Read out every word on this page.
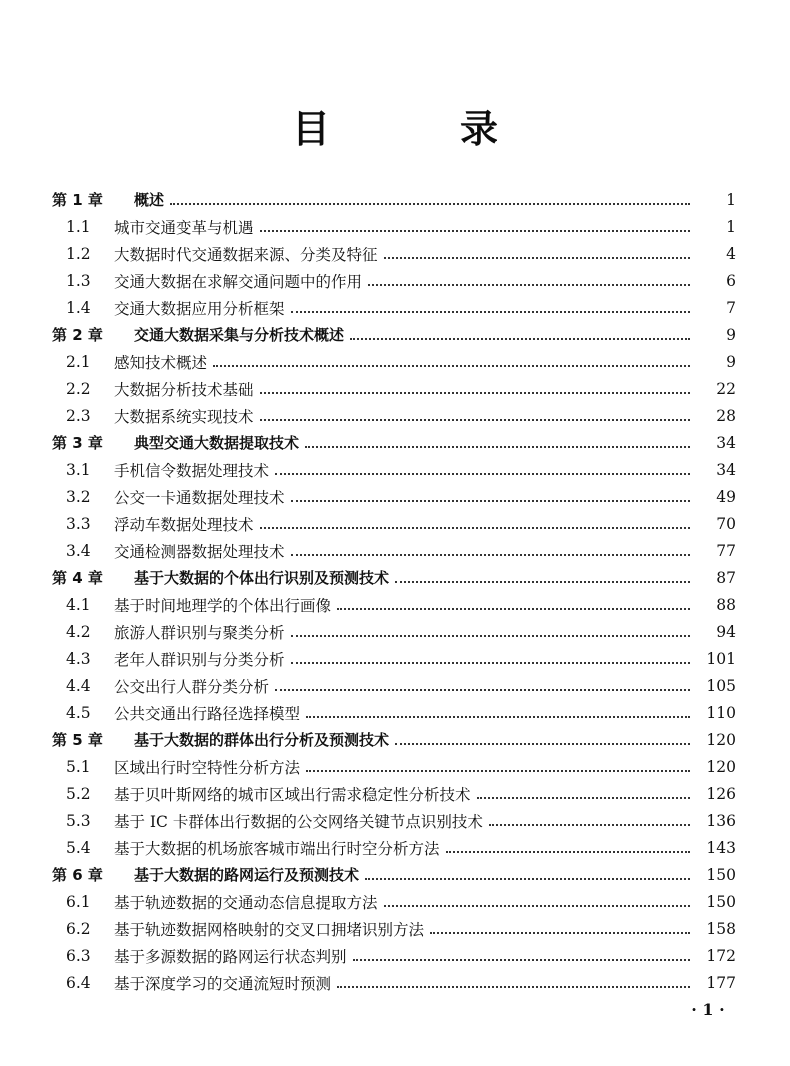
目　录
第 1 章	概述	1
1.1	城市交通变革与机遇	1
1.2	大数据时代交通数据来源、分类及特征	4
1.3	交通大数据在求解交通问题中的作用	6
1.4	交通大数据应用分析框架	7
第 2 章	交通大数据采集与分析技术概述	9
2.1	感知技术概述	9
2.2	大数据分析技术基础	22
2.3	大数据系统实现技术	28
第 3 章	典型交通大数据提取技术	34
3.1	手机信令数据处理技术	34
3.2	公交一卡通数据处理技术	49
3.3	浮动车数据处理技术	70
3.4	交通检测器数据处理技术	77
第 4 章	基于大数据的个体出行识别及预测技术	87
4.1	基于时间地理学的个体出行画像	88
4.2	旅游人群识别与聚类分析	94
4.3	老年人群识别与分类分析	101
4.4	公交出行人群分类分析	105
4.5	公共交通出行路径选择模型	110
第 5 章	基于大数据的群体出行分析及预测技术	120
5.1	区域出行时空特性分析方法	120
5.2	基于贝叶斯网络的城市区域出行需求稳定性分析技术	126
5.3	基于 IC 卡群体出行数据的公交网络关键节点识别技术	136
5.4	基于大数据的机场旅客城市端出行时空分析方法	143
第 6 章	基于大数据的路网运行及预测技术	150
6.1	基于轨迹数据的交通动态信息提取方法	150
6.2	基于轨迹数据网格映射的交叉口拥堵识别方法	158
6.3	基于多源数据的路网运行状态判别	172
6.4	基于深度学习的交通流短时预测	177
· 1 ·
